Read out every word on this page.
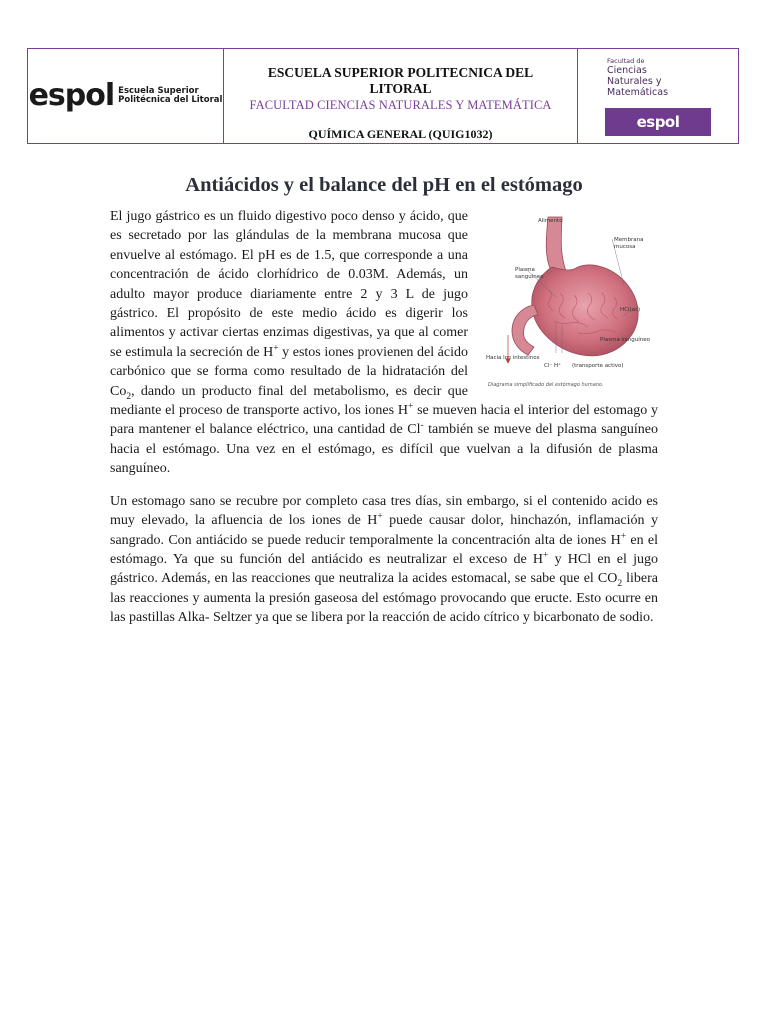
espol Escuela Superior
Politécnica del Litoral
ESCUELA SUPERIOR POLITECNICA DEL
LITORAL
FACULTAD CIENCIAS NATURALES Y MATEMÁTICA
QUÍMICA GENERAL (QUIG1032)
Facultad de
Ciencias
Naturales y
Matemáticas
espol
Antiácidos y el balance del pH en el estómago
Alimento
Membrana
mucosa
Plasma
sanguíneo
HCl(ac)
Plasma sanguíneo
Hacia los intestinos
Cl⁻ H⁺ (transporte activo)
Diagrama simplificado del estómago humano.

El jugo gástrico es un fluido digestivo poco denso y ácido, que es secretado por las glándulas de la membrana mucosa que envuelve al estómago. El pH es de 1.5, que corresponde a una concentración de ácido clorhídrico de 0.03M. Además, un adulto mayor produce diariamente entre 2 y 3 L de jugo gástrico. El propósito de este medio ácido es digerir los alimentos y activar ciertas enzimas digestivas, ya que al comer se estimula la secreción de H+ y estos iones provienen del ácido carbónico que se forma como resultado de la hidratación del $Co_2$, dando un producto final del metabolismo, es decir que mediante el proceso de transporte activo, los iones H+ se mueven hacia el interior del estomago y para mantener el balance eléctrico, una cantidad de Cl- también se mueve del plasma sanguíneo hacia el estómago. Una vez en el estómago, es difícil que vuelvan a la difusión de plasma sanguíneo.

Un estomago sano se recubre por completo casa tres días, sin embargo, si el contenido acido es muy elevado, la afluencia de los iones de H+ puede causar dolor, hinchazón, inflamación y sangrado. Con antiácido se puede reducir temporalmente la concentración alta de iones H+ en el estómago. Ya que su función del antiácido es neutralizar el exceso de H+ y HCl en el jugo gástrico. Además, en las reacciones que neutraliza la acides estomacal, se sabe que el $CO_2$ libera las reacciones y aumenta la presión gaseosa del estómago provocando que eructe. Esto ocurre en las pastillas Alka- Seltzer ya que se libera por la reacción de acido cítrico y bicarbonato de sodio.
